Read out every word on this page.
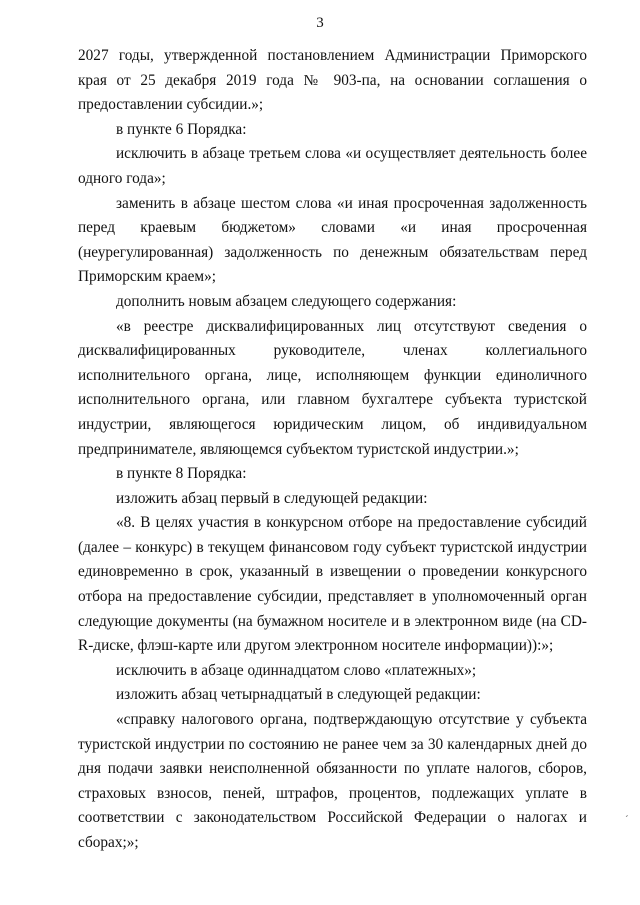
3

2027 годы, утвержденной постановлением Администрации Приморского края от 25 декабря 2019 года № 903-па, на основании соглашения о предоставлении субсидии.»;

в пункте 6 Порядка:

исключить в абзаце третьем слова «и осуществляет деятельность более одного года»;

заменить в абзаце шестом слова «и иная просроченная задолженность перед краевым бюджетом» словами «и иная просроченная (неурегулированная) задолженность по денежным обязательствам перед Приморским краем»;

дополнить новым абзацем следующего содержания:

«в реестре дисквалифицированных лиц отсутствуют сведения о дисквалифицированных руководителе, членах коллегиального исполнительного органа, лице, исполняющем функции единоличного исполнительного органа, или главном бухгалтере субъекта туристской индустрии, являющегося юридическим лицом, об индивидуальном предпринимателе, являющемся субъектом туристской индустрии.»;

в пункте 8 Порядка:

изложить абзац первый в следующей редакции:

«8. В целях участия в конкурсном отборе на предоставление субсидий (далее – конкурс) в текущем финансовом году субъект туристской индустрии единовременно в срок, указанный в извещении о проведении конкурсного отбора на предоставление субсидии, представляет в уполномоченный орган следующие документы (на бумажном носителе и в электронном виде (на CD-R-диске, флэш-карте или другом электронном носителе информации)):»;

исключить в абзаце одиннадцатом слово «платежных»;

изложить абзац четырнадцатый в следующей редакции:

«справку налогового органа, подтверждающую отсутствие у субъекта туристской индустрии по состоянию не ранее чем за 30 календарных дней до дня подачи заявки неисполненной обязанности по уплате налогов, сборов, страховых взносов, пеней, штрафов, процентов, подлежащих уплате в соответствии с законодательством Российской Федерации о налогах и сборах;»;

ˊ
